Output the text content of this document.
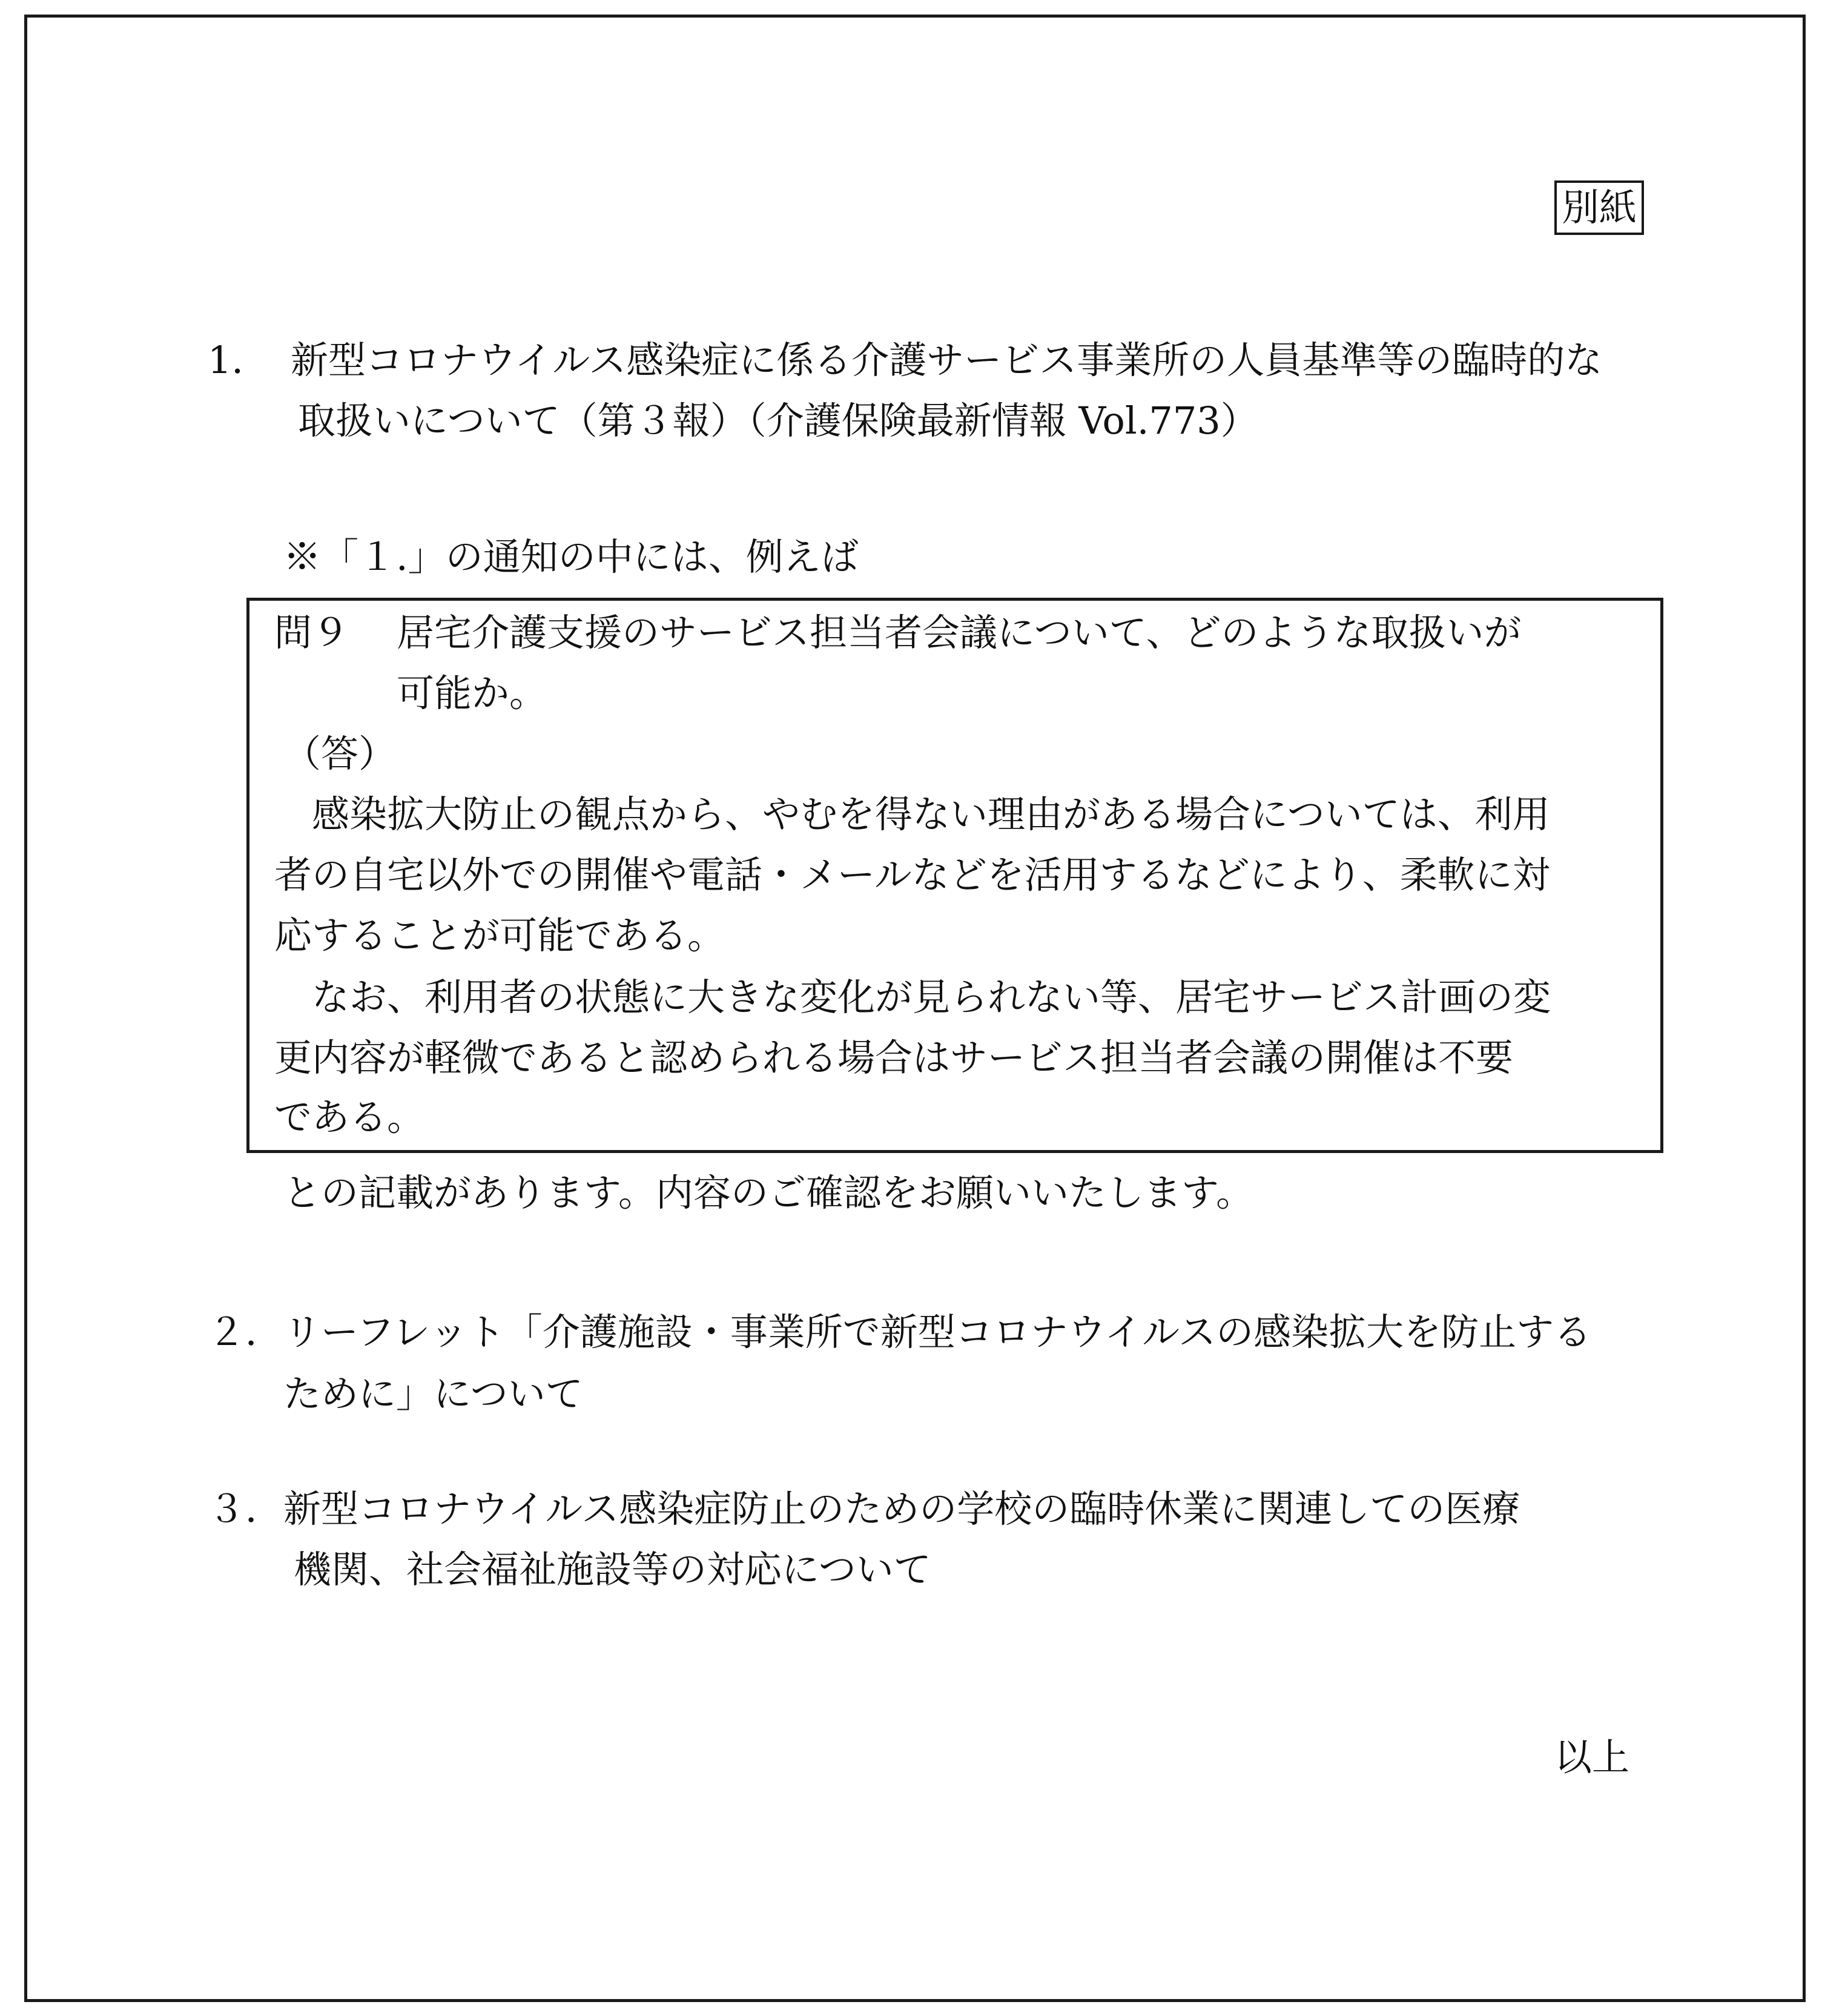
別紙
1． 新型コロナウイルス感染症に係る介護サービス事業所の人員基準等の臨時的な
取扱いについて（第３報）（介護保険最新情報 Vol.773）
※「１.」の通知の中には、例えば
問９ 居宅介護支援のサービス担当者会議について、どのような取扱いが
可能か。
（答）
　感染拡大防止の観点から、やむを得ない理由がある場合については、利用
者の自宅以外での開催や電話・メールなどを活用するなどにより、柔軟に対
応することが可能である。
　なお、利用者の状態に大きな変化が見られない等、居宅サービス計画の変
更内容が軽微であると認められる場合はサービス担当者会議の開催は不要
である。
との記載があります。内容のご確認をお願いいたします。
２． リーフレット「介護施設・事業所で新型コロナウイルスの感染拡大を防止する
ために」について
３． 新型コロナウイルス感染症防止のための学校の臨時休業に関連しての医療
機関、社会福祉施設等の対応について
以上
